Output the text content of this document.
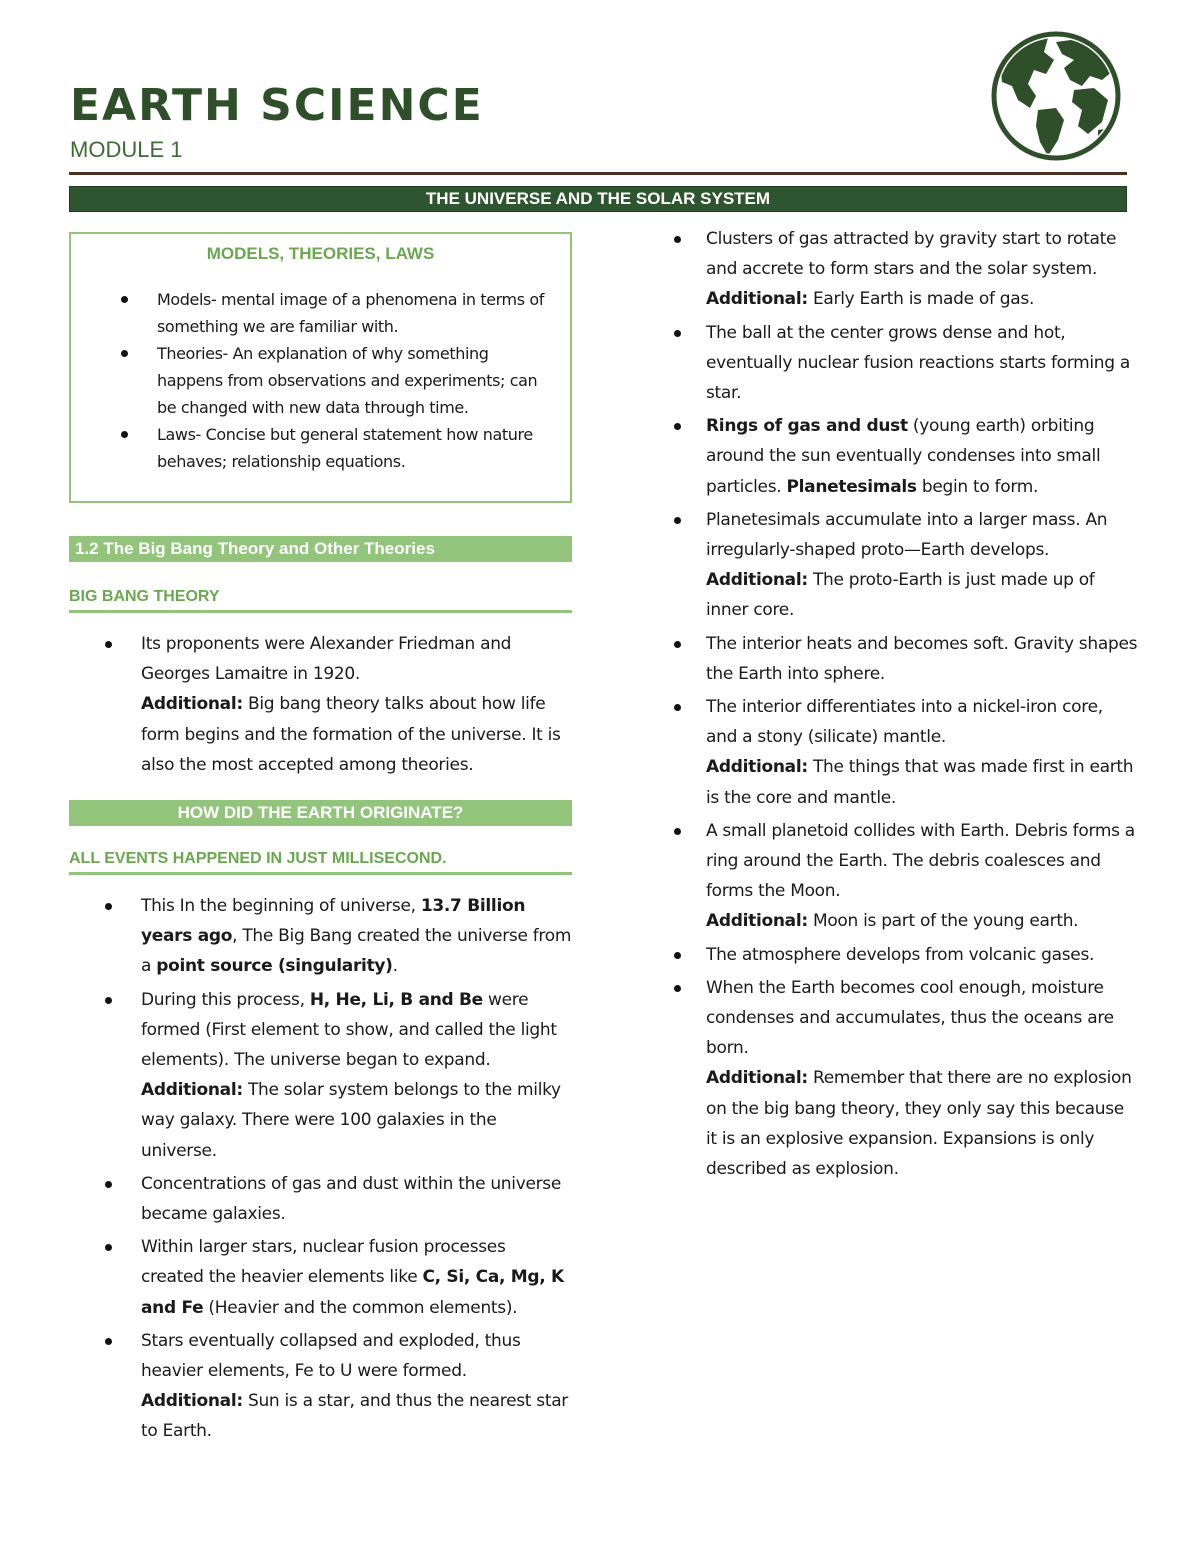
EARTH SCIENCE
MODULE 1
THE UNIVERSE AND THE SOLAR SYSTEM
MODELS, THEORIES, LAWS
Models- mental image of a phenomena in terms of something we are familiar with.
Theories- An explanation of why something happens from observations and experiments; can be changed with new data through time.
Laws- Concise but general statement how nature behaves; relationship equations.
1.2 The Big Bang Theory and Other Theories
BIG BANG THEORY
Its proponents were Alexander Friedman and Georges Lamaitre in 1920.
Additional: Big bang theory talks about how life form begins and the formation of the universe. It is also the most accepted among theories.
HOW DID THE EARTH ORIGINATE?
ALL EVENTS HAPPENED IN JUST MILLISECOND.
This In the beginning of universe, 13.7 Billion years ago, The Big Bang created the universe from a point source (singularity).
During this process, H, He, Li, B and Be were formed (First element to show, and called the light elements). The universe began to expand.
Additional: The solar system belongs to the milky way galaxy. There were 100 galaxies in the universe.
Concentrations of gas and dust within the universe became galaxies.
Within larger stars, nuclear fusion processes created the heavier elements like C, Si, Ca, Mg, K and Fe (Heavier and the common elements).
Stars eventually collapsed and exploded, thus heavier elements, Fe to U were formed.
Additional: Sun is a star, and thus the nearest star to Earth.
Clusters of gas attracted by gravity start to rotate and accrete to form stars and the solar system.
Additional: Early Earth is made of gas.
The ball at the center grows dense and hot, eventually nuclear fusion reactions starts forming a star.
Rings of gas and dust (young earth) orbiting around the sun eventually condenses into small particles. Planetesimals begin to form.
Planetesimals accumulate into a larger mass. An irregularly-shaped proto—Earth develops.
Additional: The proto-Earth is just made up of inner core.
The interior heats and becomes soft. Gravity shapes the Earth into sphere.
The interior differentiates into a nickel-iron core, and a stony (silicate) mantle.
Additional: The things that was made first in earth is the core and mantle.
A small planetoid collides with Earth. Debris forms a ring around the Earth. The debris coalesces and forms the Moon.
Additional: Moon is part of the young earth.
The atmosphere develops from volcanic gases.
When the Earth becomes cool enough, moisture condenses and accumulates, thus the oceans are born.
Additional: Remember that there are no explosion on the big bang theory, they only say this because it is an explosive expansion. Expansions is only described as explosion.
